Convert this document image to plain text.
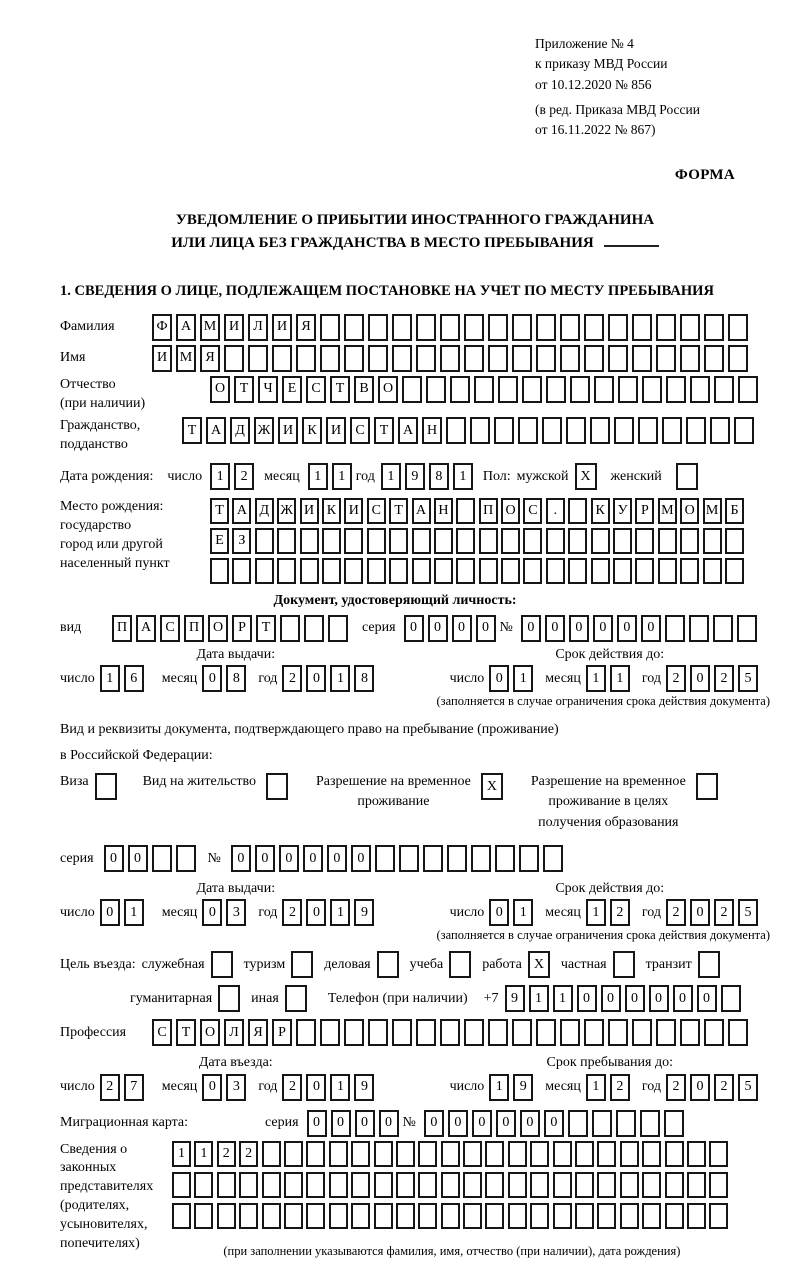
Приложение № 4
к приказу МВД России
от 10.12.2020 № 856
(в ред. Приказа МВД России
от 16.11.2022 № 867)
ФОРМА
УВЕДОМЛЕНИЕ О ПРИБЫТИИ ИНОСТРАННОГО ГРАЖДАНИНА
ИЛИ ЛИЦА БЕЗ ГРАЖДАНСТВА В МЕСТО ПРЕБЫВАНИЯ
1. СВЕДЕНИЯ О ЛИЦЕ, ПОДЛЕЖАЩЕМ ПОСТАНОВКЕ НА УЧЕТ ПО МЕСТУ ПРЕБЫВАНИЯ
Фамилия	Ф А М И	Л	И	Я
Имя	И М Я
Отчество
(при наличии)
О	Т	Ч	Е	С	Т	В	О
Гражданство,
подданство
Т	А	Д Ж И	К	И	С	Т	А Н
Дата рождения: число	1	2	месяц	1	1 год 1	9	8	1	Пол: мужской X	женский
Место рождения:
государство
город или другой
населенный пункт
Т А Д Ж И К И С Т А Н	П О С	.	К У Р М О М Б
Е	З
Документ, удостоверяющий личность:
вид	П А	С	П О	Р	Т	серия	0	0	0	0 №	0	0	0	0	0	0
Дата выдачи:
число 1	6	месяц 0	8	год 2	0	1	8
Срок действия до:
число 0	1	месяц 1	1	год 2	0	2	5
(заполняется в случае ограничения срока действия документа)
Вид и реквизиты документа, подтверждающего право на пребывание (проживание)
в Российской Федерации:
Виза	Вид на жительство	Разрешение на временное
проживание
X	Разрешение на временное
проживание в целях
получения образования
серия	0	0	№	0	0	0	0	0	0
Дата выдачи:
число 0	1	месяц 0	3	год 2	0	1	9
Срок действия до:
число 0	1	месяц 1	2	год 2	0	2	5
(заполняется в случае ограничения срока действия документа)
Цель въезда: служебная	туризм	деловая	учеба	работа X	частная	транзит
гуманитарная	иная	Телефон (при наличии) +7 9	1	1	0	0	0	0	0	0
Профессия	С	Т	О	Л	Я	Р
Дата въезда:
число 2	7	месяц 0	3	год 2	0	1	9
Срок пребывания до:
число 1	9	месяц 1	2	год 2	0	2	5
Миграционная карта:	серия	0	0	0	0 №	0	0	0	0	0	0
Сведения о
законных
представителях
(родителях,
усыновителях,
попечителях)
1	1	2	2
(при заполнении указываются фамилия, имя, отчество (при наличии), дата рождения)
